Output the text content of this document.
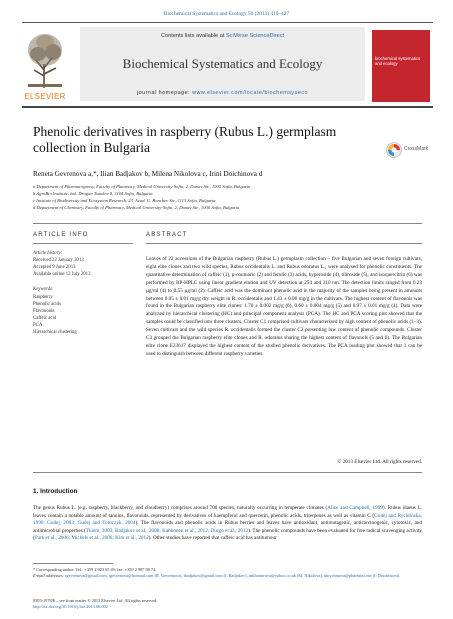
Biochemical Systematics and Ecology 50 (2013) 419–427
ELSEVIER
Contents lists available at SciVerse ScienceDirect
Biochemical Systematics and Ecology
journal homepage: www.elsevier.com/locate/biochemsyseco
biochemical systematics and ecology
Phenolic derivatives in raspberry (Rubus L.) germplasm collection in Bulgaria	CrossMark
Reneta Gevrenova a,*, Ilian Badjakov b, Milena Nikolova c, Irini Doichinova d
a Department of Pharmacognosy, Faculty of Pharmacy, Medical University-Sofia, 2, Dunav Str., 1000 Sofia, Bulgaria
b AgroBio Institute, bul. Dragan Tsankov 8, 1164 Sofia, Bulgaria
c Institute of Biodiversity and Ecosystem Research, 23, Acad. G. Bonchev Str., 1113 Sofia, Bulgaria
d Department of Chemistry, Faculty of Pharmacy, Medical University-Sofia, 2, Dunav Str., 1000 Sofia, Bulgaria
ARTICLE INFO	ABSTRACT
Article history:
Received 22 January 2013
Accepted 9 June 2013
Available online 12 July 2013
Keywords:
Raspberry
Phenolic acids
Flavonoids
Caffeic acid
PCA
Hierarchical clustering
Leaves of 22 accessions of the Bulgarian raspberry (Rubus L.) germplasm collection – five Bulgarian and seven foreign cultivars, eight elite clones and two wild species, Rubus occidentalis L. and Rubus odoratus L., were analysed for phenolic constituents. The quantitative determination of caffeic (1), p-coumaric (2) and ferulic (3) acids, hyperoside (4), tiliroside (5), and isoquercitrin (6) was performed by RP-HPLC using linear gradient elution and UV detection at 254 and 310 nm. The detection limits ranged from 0.23 µg/ml (4) to 0.55 µg/ml (2). Caffeic acid was the dominant phenolic acid in the majority of the samples being present in amounts between 0.05 ± 0.01 mg/g dry weight in R. occidentalis and 1.43 ± 0.06 mg/g in the cultivars. The highest content of flavonols was found in the Bulgarian raspberry elite clones: 1.70 ± 0.002 mg/g (6), 0.60 ± 0.004 mg/g (5) and 0.97 ± 0.01 mg/g (4). Data were analyzed by hierarchical clustering (HC) and principal component analysis (PCA). The HC and PCA scoring plot showed that the samples could be classified into three clusters. Cluster C1 comprised cultivars characterized by high content of phenolic acids (1–3). Seven cultivars and the wild species R. occidentalis formed the cluster C2 presenting low content of phenolic compounds. Cluster C3 grouped the Bulgarian raspberry elite clones and R. odoratus sharing the highest content of flavonols (5 and 6). The Bulgarian elite clone E23617 displayed the highest content of the studied phenolic derivatives. The PCA loading plot showed that 1 can be used to distinguish between different raspberry varieties.
© 2013 Elsevier Ltd. All rights reserved.
1. Introduction
The genus Rubus L. (e.g. raspberry, blackberry, and cloudberry) comprises around 700 species, naturally occurring in temperate climates (Alice and Campbell, 1999). Rubus idaeus L. leaves contain a notable amount of tannins, flavonoids, represented by derivatives of kaempferol and quercetin, phenolic acids, triterpenes as well as vitamin C (Gudej and Rychlinska, 1996; Gudej, 2003; Gudej and Tomczyk, 2004). The flavonoids and phenolic acids in Rubus berries and leaves have antioxidant, antimutagenic, anticarcinogenic, cytotoxic, and antimicrobial properties (Thiem, 2003; Badjakov et al., 2008; Kahkonen et al., 2012; Durgo et al., 2012). The phenolic compounds have been evaluated for free radical scavenging activity (Park et al., 2006; Michels et al., 2006; Kim et al., 2012). Other studies have reported that caffeic acid has antitumour
* Corresponding author. Tel.: +359 2 923 65 49; fax: +359 2 987 98 74.
E-mail addresses: rgevrenova@gmail.com, rgevrenova@hotmail.com (R. Gevrenova), ibadjakov@gmail.com (I. Badjakov), mtihomirova@yahoo.co.uk (M. Nikolova), idoychinova@pharmfac.net (I. Doichinova).
0305-1978/$ – see front matter © 2013 Elsevier Ltd. All rights reserved.
http://dx.doi.org/10.1016/j.bse.2013.06.002
